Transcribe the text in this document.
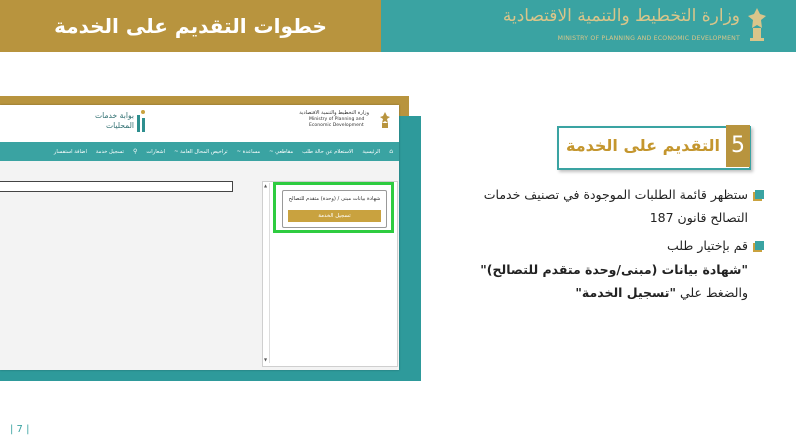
خطوات التقديم على الخدمة	وزارة التخطيط والتنمية الاقتصادية
MINISTRY OF PLANNING AND ECONOMIC DEVELOPMENT
بوابة خدمات
المحليات
وزارة التخطيط والتنمية الاقتصادية
Ministry of Planning and Economic Development
⌂
الرئيسية
الاستعلام عن حالة طلب
مقاطعي ~
مساعدة ~
تراخيص المحال العامة ~
اشعارات
⚲
تسجيل خدمة
اضافة استفسار
▲
▼
شهادة بيانات مبنى / (وحدة) متقدم للتصالح
تسجيل الخدمة
5
التقديم على الخدمة
ستظهر قائمة الطلبات الموجودة في تصنيف خدمات
التصالح قانون 187
قم بإختيار طلب
"شهادة بيانات (مبنى/وحدة متقدم للتصالح)"
والضغط علي "تسجيل الخدمة"
| 7 |
